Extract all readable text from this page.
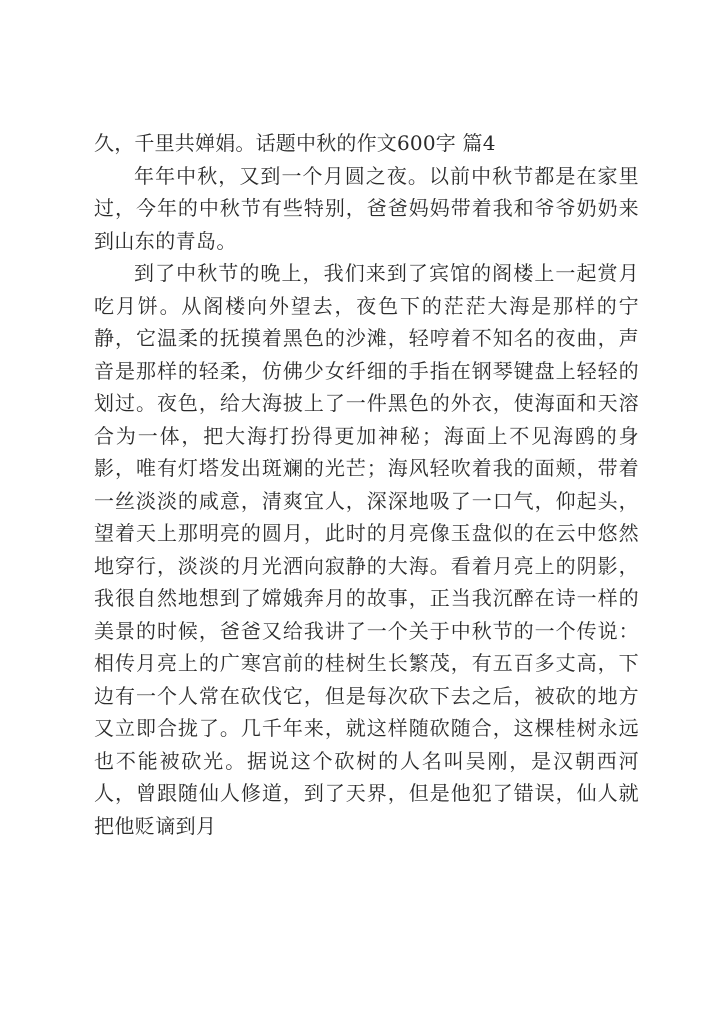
久，千里共婵娟。话题中秋的作文600字 篇4

年年中秋，又到一个月圆之夜。以前中秋节都是在家里过，今年的中秋节有些特别，爸爸妈妈带着我和爷爷奶奶来到山东的青岛。

到了中秋节的晚上，我们来到了宾馆的阁楼上一起赏月吃月饼。从阁楼向外望去，夜色下的茫茫大海是那样的宁静，它温柔的抚摸着黑色的沙滩，轻哼着不知名的夜曲，声音是那样的轻柔，仿佛少女纤细的手指在钢琴键盘上轻轻的划过。夜色，给大海披上了一件黑色的外衣，使海面和天溶合为一体，把大海打扮得更加神秘；海面上不见海鸥的身影，唯有灯塔发出斑斓的光芒；海风轻吹着我的面颊，带着一丝淡淡的咸意，清爽宜人，深深地吸了一口气，仰起头，望着天上那明亮的圆月，此时的月亮像玉盘似的在云中悠然地穿行，淡淡的月光洒向寂静的大海。看着月亮上的阴影，我很自然地想到了嫦娥奔月的故事，正当我沉醉在诗一样的美景的时候，爸爸又给我讲了一个关于中秋节的一个传说：相传月亮上的广寒宫前的桂树生长繁茂，有五百多丈高，下边有一个人常在砍伐它，但是每次砍下去之后，被砍的地方又立即合拢了。几千年来，就这样随砍随合，这棵桂树永远也不能被砍光。据说这个砍树的人名叫吴刚，是汉朝西河人，曾跟随仙人修道，到了天界，但是他犯了错误，仙人就把他贬谪到月
